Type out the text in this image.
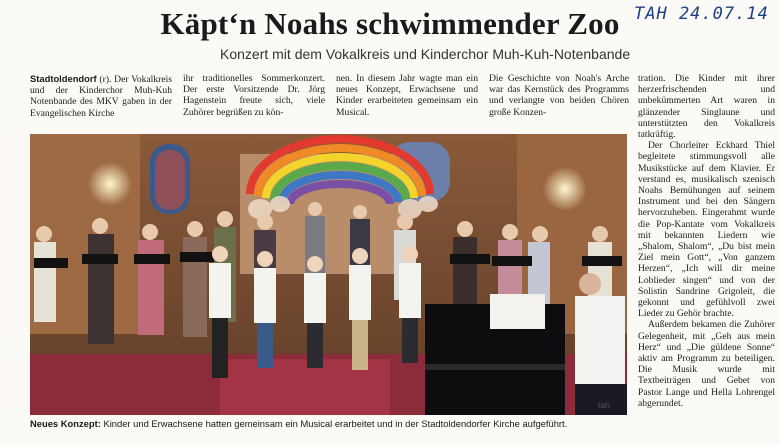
Käpt‘n Noahs schwimmender Zoo TAH 24.07.14
Konzert mit dem Vokalkreis und Kinderchor Muh-Kuh-Notenbande

Stadtoldendorf (r). Der Vokalkreis und der Kinderchor Muh-Kuh Notenbande des MKV gaben in der Evangelischen Kirche

ihr traditionelles Sommerkonzert. Der erste Vorsitzende Dr. Jörg Hagenstein freute sich, viele Zuhörer begrüßen zu kön-

nen. In diesem Jahr wagte man ein neues Konzept, Erwachsene und Kinder erarbeiteten gemeinsam ein Musical.

Die Geschichte von Noah's Arche war das Kernstück des Programms und verlangte von beiden Chören große Konzen-

tration. Die Kinder mit ihrer herzerfrischenden und unbekümmerten Art waren in glänzender Singlaune und unterstützten den Vokalkreis tatkräftig.

Der Chorleiter Eckhard Thiel begleitete stimmungsvoll alle Musikstücke auf dem Klavier. Er verstand es, musikalisch szenisch Noahs Bemühungen auf seinem Instrument und bei den Sängern hervorzuheben. Eingerahmt wurde die Pop-Kantate vom Vokalkreis mit bekannten Liedern wie „Shalom, Shalom“, „Du bist mein Ziel mein Gott“, „Von ganzem Herzen“, „Ich will dir meine Loblieder singen“ und von der Solistin Sandrine Grigoleit, die gekonnt und gefühlvoll zwei Lieder zu Gehör brachte.

Außerdem bekamen die Zuhörer Gelegenheit, mit „Geh aus mein Herz“ und „Die güldene Sonne“ aktiv am Programm zu beteiligen. Die Musik wurde mit Textbeiträgen und Gebet von Pastor Lange und Hella Lohrengel abgerundet.

tah
Neues Konzept: Kinder und Erwachsene hatten gemeinsam ein Musical erarbeitet und in der Stadtoldendorfer Kirche aufgeführt.
